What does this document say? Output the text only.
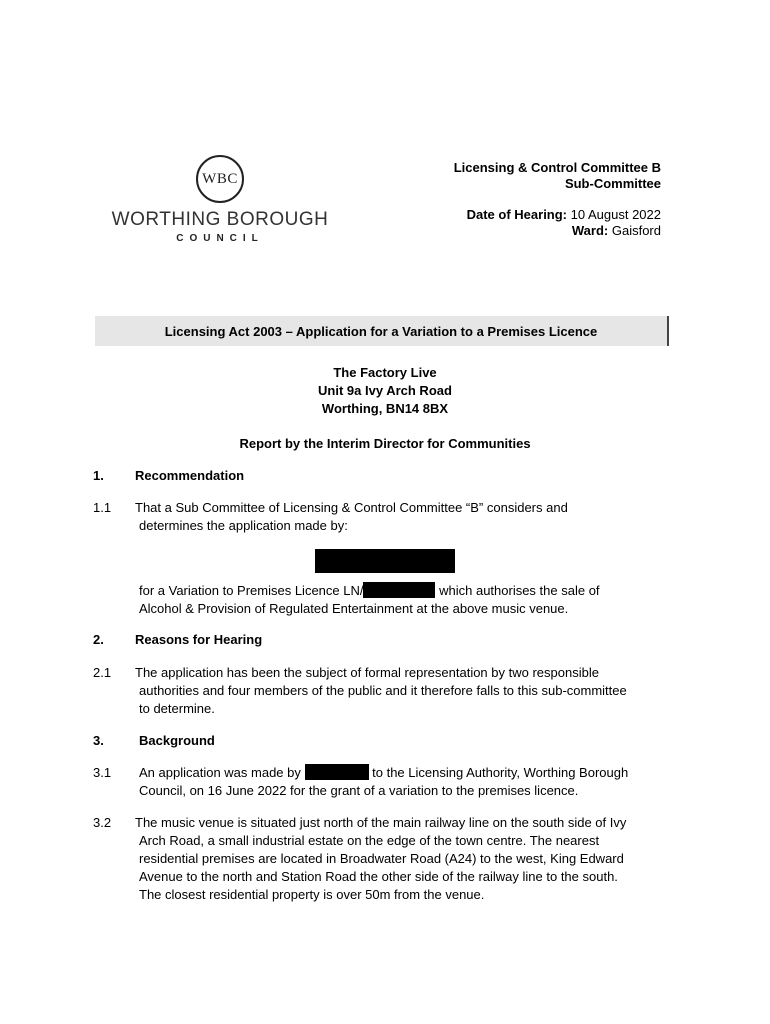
WBC
WORTHING BOROUGH
COUNCIL
Licensing & Control Committee B
Sub-Committee
Date of Hearing: 10 August 2022
Ward: Gaisford
Licensing Act 2003 – Application for a Variation to a Premises Licence
The Factory Live
Unit 9a Ivy Arch Road
Worthing, BN14 8BX
Report by the Interim Director for Communities
1. Recommendation
1.1 That a Sub Committee of Licensing & Control Committee “B” considers and
determines the application made by:
for a Variation to Premises Licence LN/	which authorises the sale of
Alcohol & Provision of Regulated Entertainment at the above music venue.
2. Reasons for Hearing
2.1 The application has been the subject of formal representation by two responsible
authorities and four members of the public and it therefore falls to this sub-committee
to determine.
3.	Background
3.1 An application was made by	to the Licensing Authority, Worthing Borough
Council, on 16 June 2022 for the grant of a variation to the premises licence.
3.2 The music venue is situated just north of the main railway line on the south side of Ivy
Arch Road, a small industrial estate on the edge of the town centre. The nearest
residential premises are located in Broadwater Road (A24) to the west, King Edward
Avenue to the north and Station Road the other side of the railway line to the south.
The closest residential property is over 50m from the venue.
